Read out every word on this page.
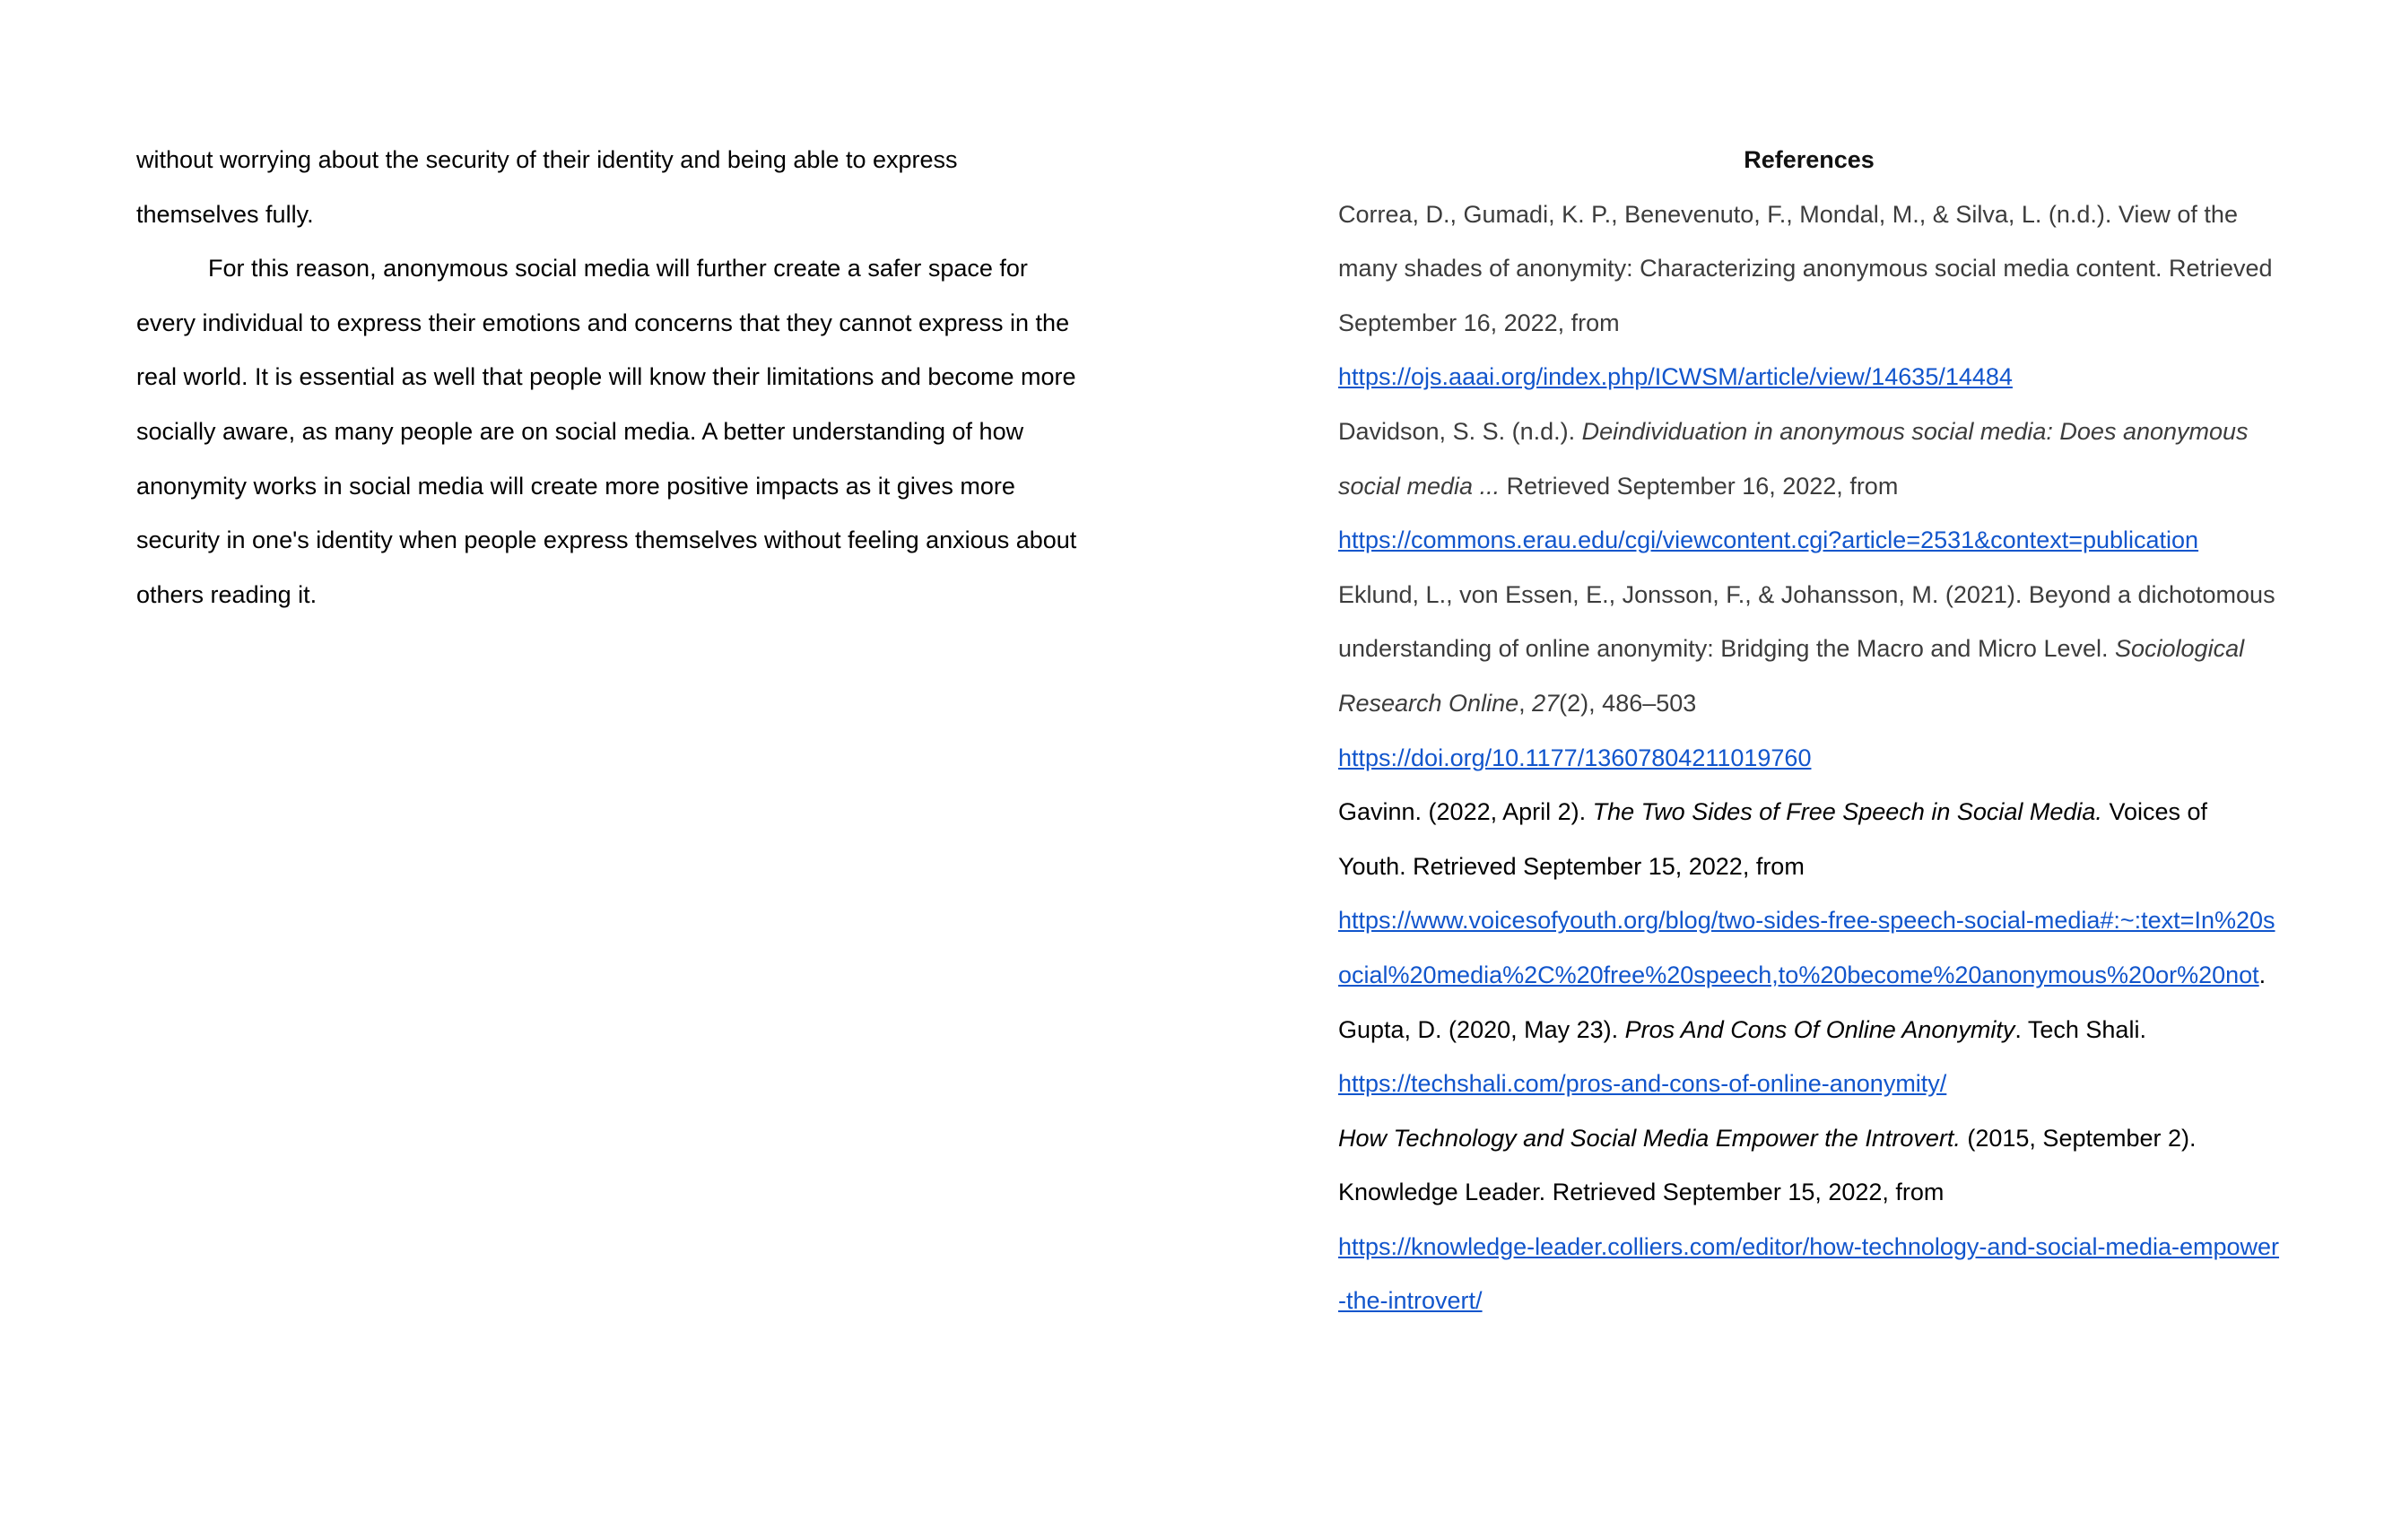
without worrying about the security of their identity and being able to express

themselves fully.

For this reason, anonymous social media will further create a safer space for

every individual to express their emotions and concerns that they cannot express in the

real world. It is essential as well that people will know their limitations and become more

socially aware, as many people are on social media. A better understanding of how

anonymity works in social media will create more positive impacts as it gives more

security in one's identity when people express themselves without feeling anxious about

others reading it.

References
Correa, D., Gumadi, K. P., Benevenuto, F., Mondal, M., & Silva, L. (n.d.). View of the
many shades of anonymity: Characterizing anonymous social media content. Retrieved
September 16, 2022, from
https://ojs.aaai.org/index.php/ICWSM/article/view/14635/14484
Davidson, S. S. (n.d.). Deindividuation in anonymous social media: Does anonymous
social media ... Retrieved September 16, 2022, from
https://commons.erau.edu/cgi/viewcontent.cgi?article=2531&context=publication
Eklund, L., von Essen, E., Jonsson, F., & Johansson, M. (2021). Beyond a dichotomous
understanding of online anonymity: Bridging the Macro and Micro Level. Sociological
Research Online, 27(2), 486–503
https://doi.org/10.1177/13607804211019760
Gavinn. (2022, April 2). The Two Sides of Free Speech in Social Media. Voices of
Youth. Retrieved September 15, 2022, from
https://www.voicesofyouth.org/blog/two-sides-free-speech-social-media#:~:text=In%20s
ocial%20media%2C%20free%20speech,to%20become%20anonymous%20or%20not.
Gupta, D. (2020, May 23). Pros And Cons Of Online Anonymity. Tech Shali.
https://techshali.com/pros-and-cons-of-online-anonymity/
How Technology and Social Media Empower the Introvert. (2015, September 2).
Knowledge Leader. Retrieved September 15, 2022, from
https://knowledge-leader.colliers.com/editor/how-technology-and-social-media-empower
-the-introvert/
